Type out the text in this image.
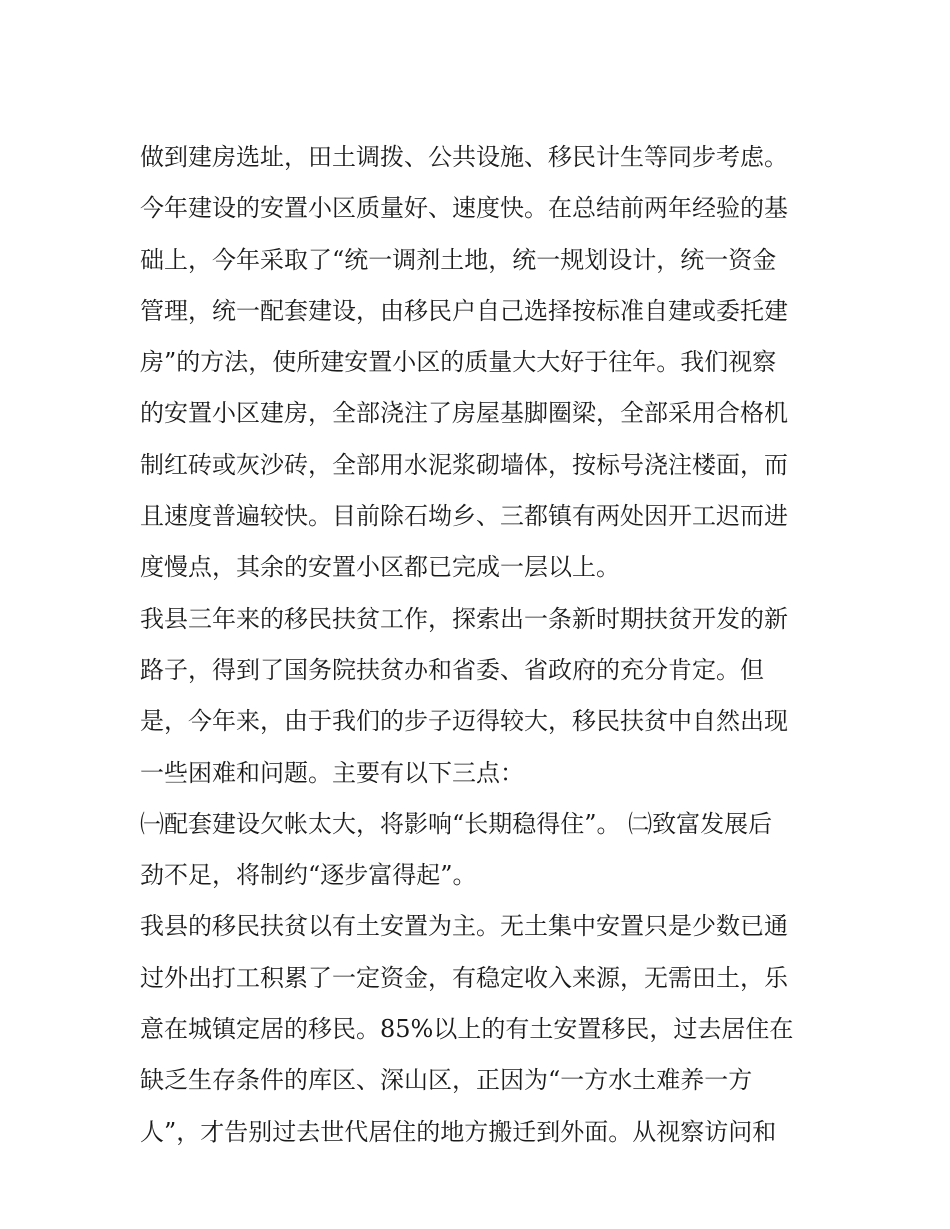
做到建房选址，田土调拨、公共设施、移民计生等同步考虑。
今年建设的安置小区质量好、速度快。在总结前两年经验的基
础上，今年采取了“统一调剂土地，统一规划设计，统一资金
管理，统一配套建设，由移民户自己选择按标准自建或委托建
房”的方法，使所建安置小区的质量大大好于往年。我们视察
的安置小区建房，全部浇注了房屋基脚圈梁，全部采用合格机
制红砖或灰沙砖，全部用水泥浆砌墙体，按标号浇注楼面，而
且速度普遍较快。目前除石坳乡、三都镇有两处因开工迟而进
度慢点，其余的安置小区都已完成一层以上。
我县三年来的移民扶贫工作，探索出一条新时期扶贫开发的新
路子，得到了国务院扶贫办和省委、省政府的充分肯定。但
是，今年来，由于我们的步子迈得较大，移民扶贫中自然出现
一些困难和问题。主要有以下三点：
㈠配套建设欠帐太大，将影响“长期稳得住”。 ㈡致富发展后
劲不足，将制约“逐步富得起”。
我县的移民扶贫以有土安置为主。无土集中安置只是少数已通
过外出打工积累了一定资金，有稳定收入来源，无需田土，乐
意在城镇定居的移民。85%以上的有土安置移民，过去居住在
缺乏生存条件的库区、深山区，正因为“一方水土难养一方
人”，才告别过去世代居住的地方搬迁到外面。从视察访问和
